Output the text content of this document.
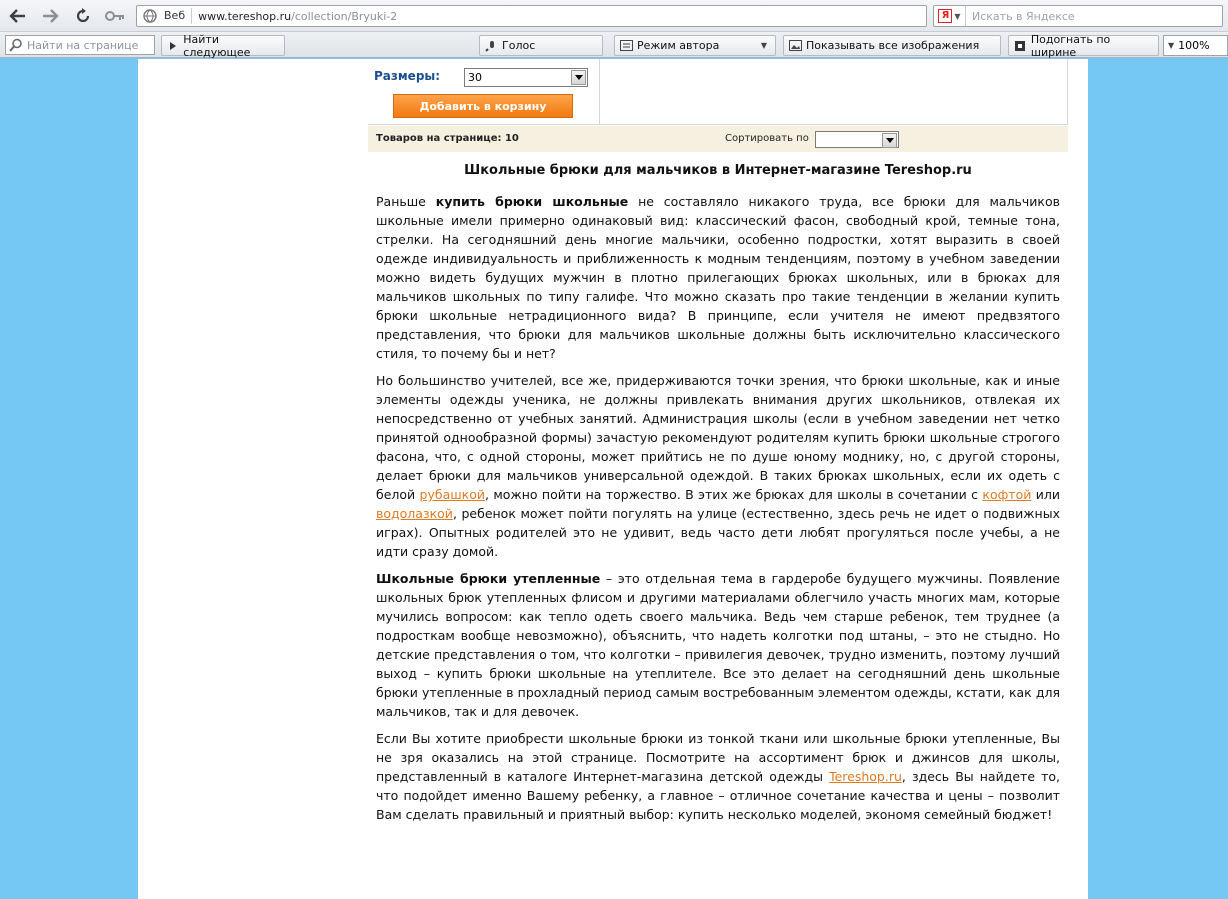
Веб	www.tereshop.ru/collection/Bryuki-2	Я ▼	Искать в Яндексе
Найти на странице	Найти следующее	Голос	Режим автора	▼	Показывать все изображения	Подогнать по ширине	▼ 100%
Размеры:	30
Добавить в корзину
Товаров на странице: 10	Сортировать по
Школьные брюки для мальчиков в Интернет-магазине Tereshop.ru

Раньше купить брюки школьные не составляло никакого труда, все брюки для мальчиков школьные имели примерно одинаковый вид: классический фасон, свободный крой, темные тона, стрелки. На сегодняшний день многие мальчики, особенно подростки, хотят выразить в своей одежде индивидуальность и приближенность к модным тенденциям, поэтому в учебном заведении можно видеть будущих мужчин в плотно прилегающих брюках школьных, или в брюках для мальчиков школьных по типу галифе. Что можно сказать про такие тенденции в желании купить брюки школьные нетрадиционного вида? В принципе, если учителя не имеют предвзятого представления, что брюки для мальчиков школьные должны быть исключительно классического стиля, то почему бы и нет?

Но большинство учителей, все же, придерживаются точки зрения, что брюки школьные, как и иные элементы одежды ученика, не должны привлекать внимания других школьников, отвлекая их непосредственно от учебных занятий. Администрация школы (если в учебном заведении нет четко принятой однообразной формы) зачастую рекомендуют родителям купить брюки школьные строгого фасона, что, с одной стороны, может прийтись не по душе юному моднику, но, с другой стороны, делает брюки для мальчиков универсальной одеждой. В таких брюках школьных, если их одеть с белой рубашкой, можно пойти на торжество. В этих же брюках для школы в сочетании с кофтой или водолазкой, ребенок может пойти погулять на улице (естественно, здесь речь не идет о подвижных играх). Опытных родителей это не удивит, ведь часто дети любят прогуляться после учебы, а не идти сразу домой.

Школьные брюки утепленные – это отдельная тема в гардеробе будущего мужчины. Появление школьных брюк утепленных флисом и другими материалами облегчило участь многих мам, которые мучились вопросом: как тепло одеть своего мальчика. Ведь чем старше ребенок, тем труднее (а подросткам вообще невозможно), объяснить, что надеть колготки под штаны, – это не стыдно. Но детские представления о том, что колготки – привилегия девочек, трудно изменить, поэтому лучший выход – купить брюки школьные на утеплителе. Все это делает на сегодняшний день школьные брюки утепленные в прохладный период самым востребованным элементом одежды, кстати, как для мальчиков, так и для девочек.

Если Вы хотите приобрести школьные брюки из тонкой ткани или школьные брюки утепленные, Вы не зря оказались на этой странице. Посмотрите на ассортимент брюк и джинсов для школы, представленный в каталоге Интернет-магазина детской одежды Tereshop.ru, здесь Вы найдете то, что подойдет именно Вашему ребенку, а главное – отличное сочетание качества и цены – позволит Вам сделать правильный и приятный выбор: купить несколько моделей, экономя семейный бюджет!
